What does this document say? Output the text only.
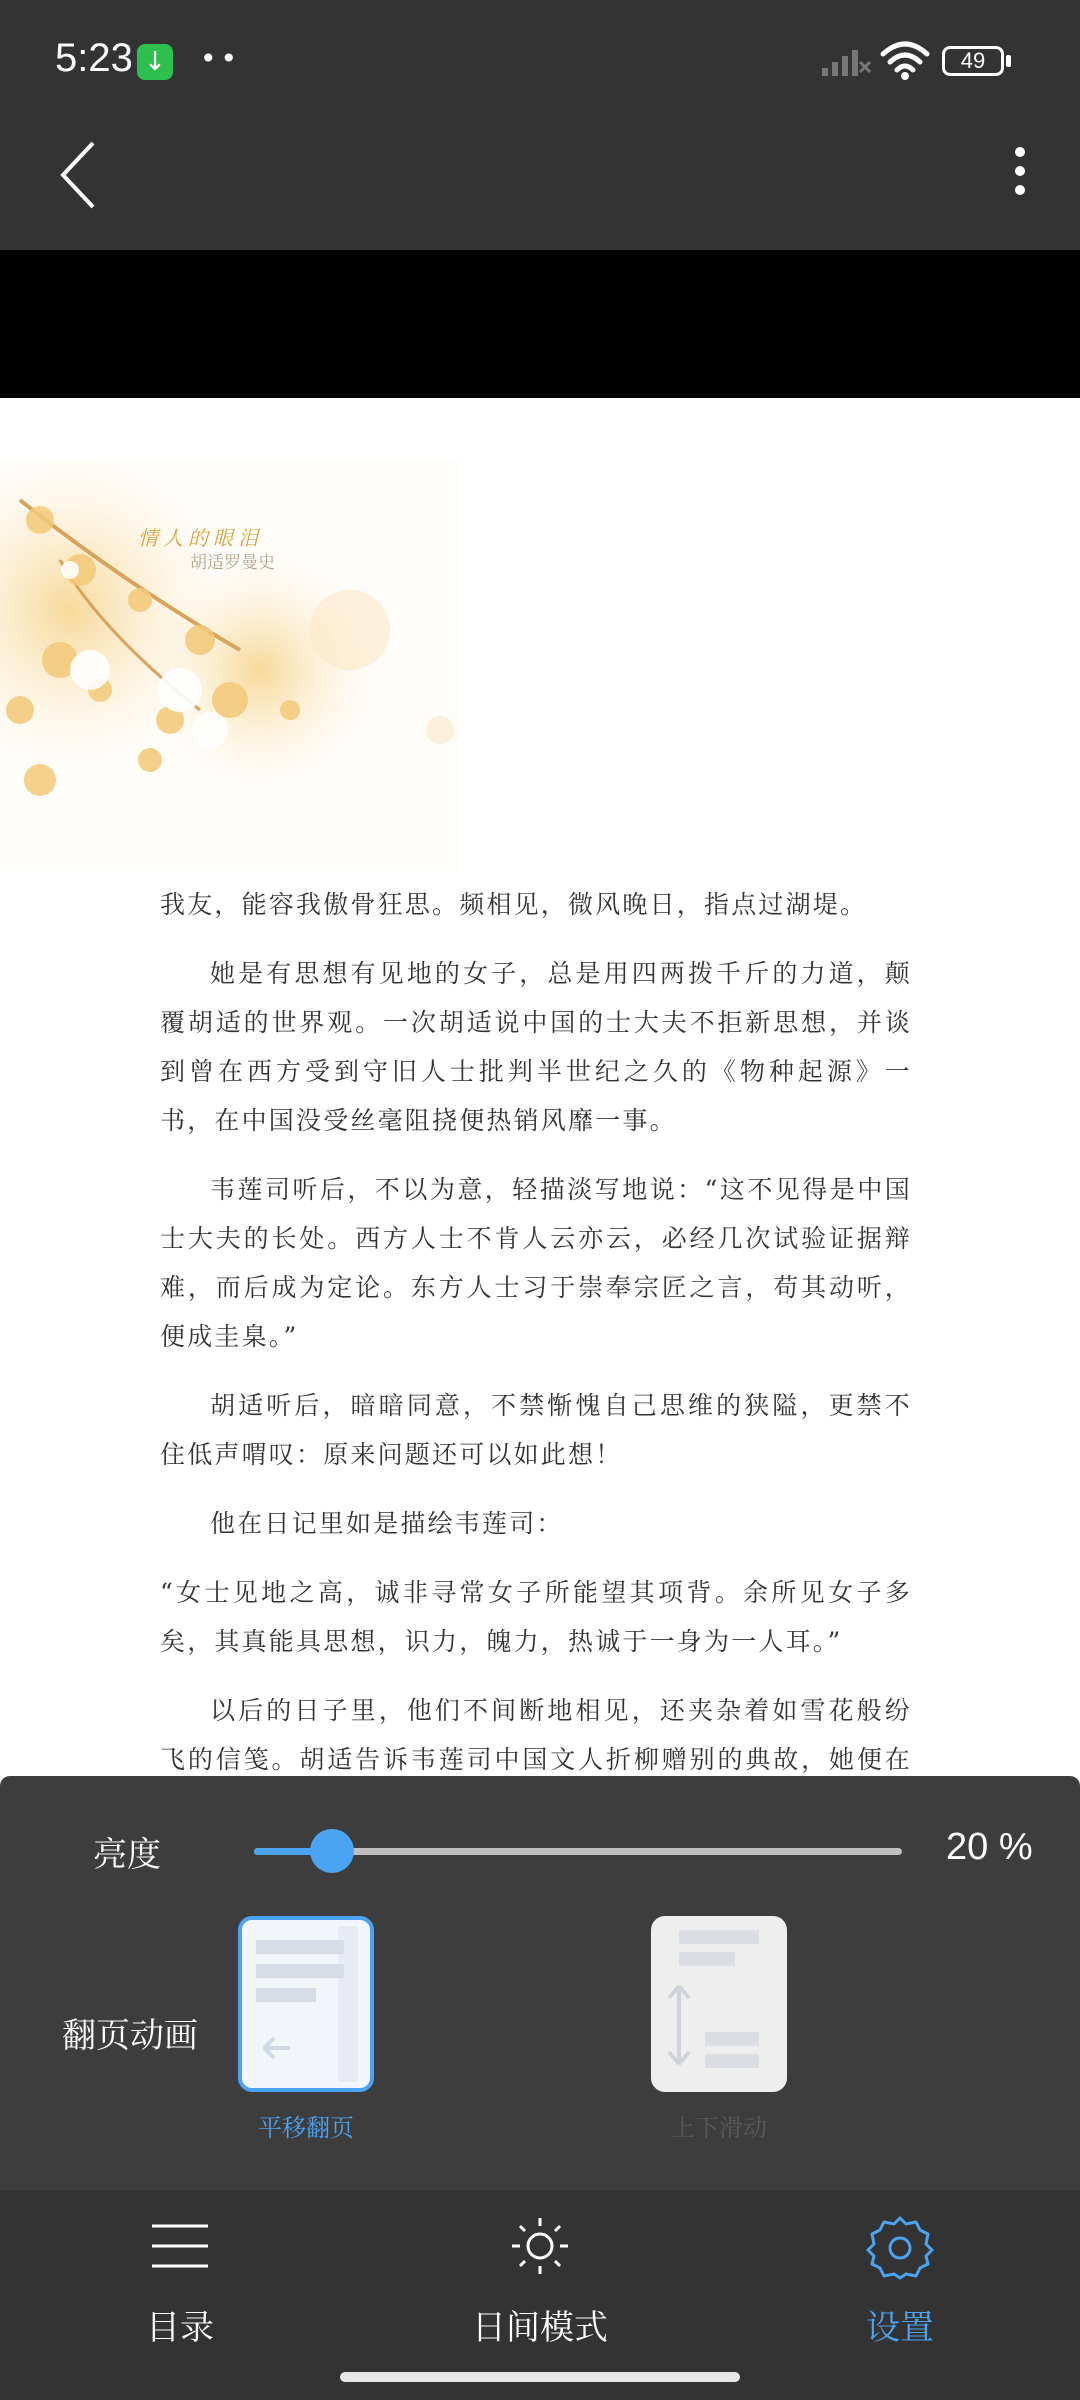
5:23 ↓ ••	49
情人的眼泪
胡适罗曼史

我友，能容我傲骨狂思。频相见，微风晚日，指点过湖堤。

她是有思想有见地的女子，总是用四两拨千斤的力道，颠覆胡适的世界观。一次胡适说中国的士大夫不拒新思想，并谈到曾在西方受到守旧人士批判半世纪之久的《物种起源》一书，在中国没受丝毫阻挠便热销风靡一事。

韦莲司听后，不以为意，轻描淡写地说：“这不见得是中国士大夫的长处。西方人士不肯人云亦云，必经几次试验证据辩难，而后成为定论。东方人士习于崇奉宗匠之言，苟其动听，便成圭臬。”

胡适听后，暗暗同意，不禁惭愧自己思维的狭隘，更禁不住低声喟叹：原来问题还可以如此想！

他在日记里如是描绘韦莲司：

“女士见地之高，诚非寻常女子所能望其项背。余所见女子多矣，其真能具思想，识力，魄力，热诚于一身为一人耳。”

以后的日子里，他们不间断地相见，还夹杂着如雪花般纷飞的信笺。胡适告诉韦莲司中国文人折柳赠别的典故，她便在

亮度	20 %
翻页动画
平移翻页	上下滑动
目录	日间模式	设置
